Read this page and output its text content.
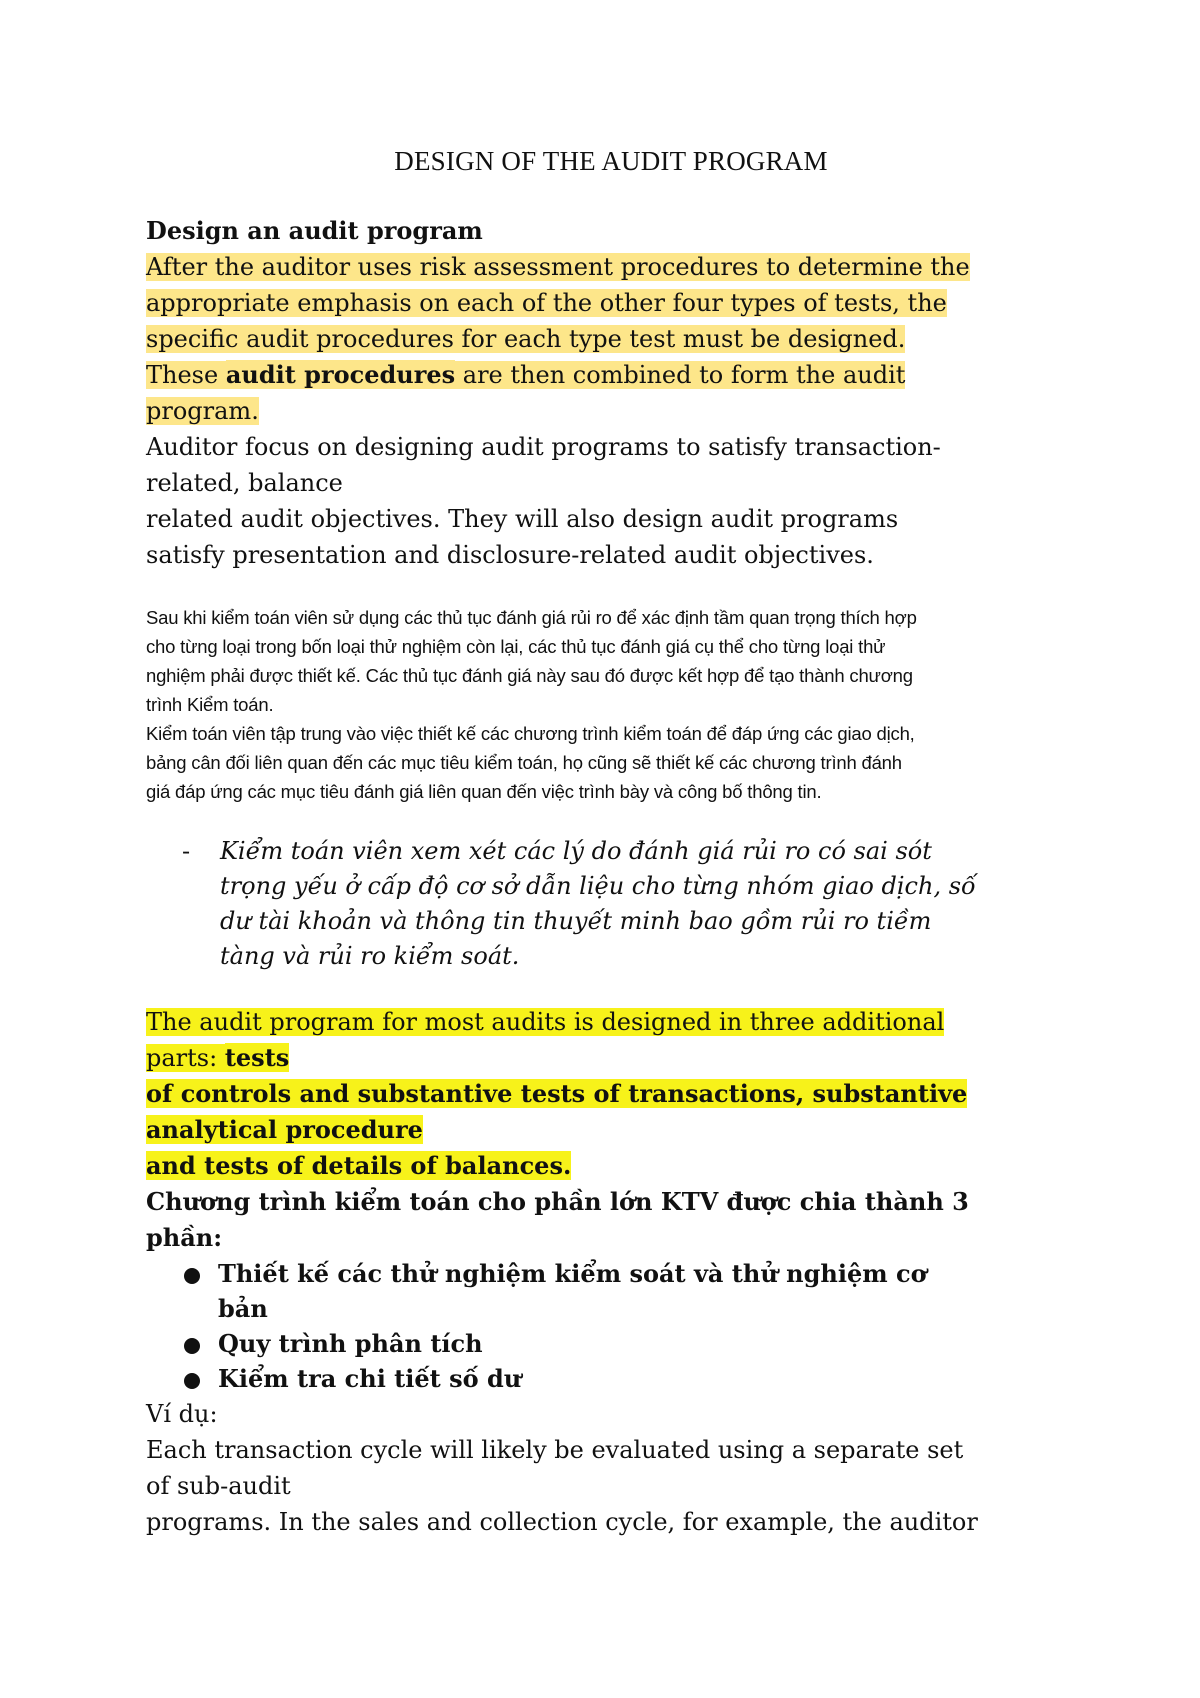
DESIGN OF THE AUDIT PROGRAM

Design an audit program

After the auditor uses risk assessment procedures to determine the
appropriate emphasis on each of the other four types of tests, the
specific audit procedures for each type test must be designed.
These audit procedures are then combined to form the audit
program.

Auditor focus on designing audit programs to satisfy transaction-
related, balance
related audit objectives. They will also design audit programs
satisfy presentation and disclosure-related audit objectives.

Sau khi kiểm toán viên sử dụng các thủ tục đánh giá rủi ro để xác định tầm quan trọng thích hợp
cho từng loại trong bốn loại thử nghiệm còn lại, các thủ tục đánh giá cụ thể cho từng loại thử
nghiệm phải được thiết kế. Các thủ tục đánh giá này sau đó được kết hợp để tạo thành chương
trình Kiểm toán.
Kiểm toán viên tập trung vào việc thiết kế các chương trình kiểm toán để đáp ứng các giao dịch,
bảng cân đối liên quan đến các mục tiêu kiểm toán, họ cũng sẽ thiết kế các chương trình đánh
giá đáp ứng các mục tiêu đánh giá liên quan đến việc trình bày và công bố thông tin.

- Kiểm toán viên xem xét các lý do đánh giá rủi ro có sai sót
trọng yếu ở cấp độ cơ sở dẫn liệu cho từng nhóm giao dịch, số
dư tài khoản và thông tin thuyết minh bao gồm rủi ro tiềm
tàng và rủi ro kiểm soát.

The audit program for most audits is designed in three additional
parts: tests
of controls and substantive tests of transactions, substantive
analytical procedure
and tests of details of balances.

Chương trình kiểm toán cho phần lớn KTV được chia thành 3
phần:

Thiết kế các thử nghiệm kiểm soát và thử nghiệm cơ
bản
Quy trình phân tích
Kiểm tra chi tiết số dư

Ví dụ:

Each transaction cycle will likely be evaluated using a separate set
of sub-audit
programs. In the sales and collection cycle, for example, the auditor
